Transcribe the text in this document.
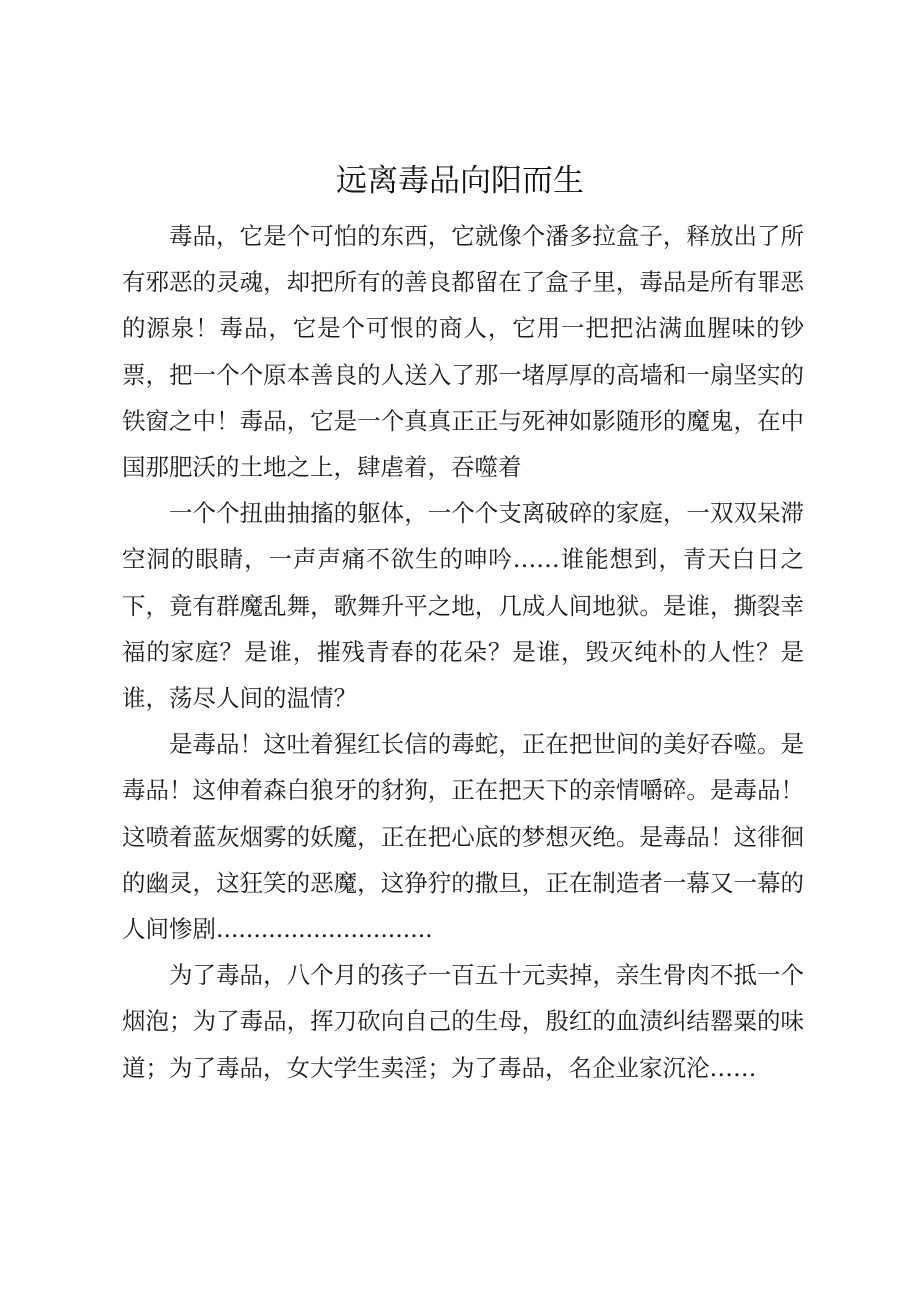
远离毒品向阳而生

毒品，它是个可怕的东西，它就像个潘多拉盒子，释放出了所有邪恶的灵魂，却把所有的善良都留在了盒子里，毒品是所有罪恶的源泉！毒品，它是个可恨的商人，它用一把把沾满血腥味的钞票，把一个个原本善良的人送入了那一堵厚厚的高墙和一扇坚实的铁窗之中！毒品，它是一个真真正正与死神如影随形的魔鬼，在中国那肥沃的土地之上，肆虐着，吞噬着

一个个扭曲抽搐的躯体，一个个支离破碎的家庭，一双双呆滞空洞的眼睛，一声声痛不欲生的呻吟……谁能想到，青天白日之下，竟有群魔乱舞，歌舞升平之地，几成人间地狱。是谁，撕裂幸福的家庭？是谁，摧残青春的花朵？是谁，毁灭纯朴的人性？是谁，荡尽人间的温情？

是毒品！这吐着猩红长信的毒蛇，正在把世间的美好吞噬。是毒品！这伸着森白狼牙的豺狗，正在把天下的亲情嚼碎。是毒品！这喷着蓝灰烟雾的妖魔，正在把心底的梦想灭绝。是毒品！这徘徊的幽灵，这狂笑的恶魔，这狰狞的撒旦，正在制造者一幕又一幕的人间惨剧.............................

为了毒品，八个月的孩子一百五十元卖掉，亲生骨肉不抵一个烟泡；为了毒品，挥刀砍向自己的生母，殷红的血渍纠结罂粟的味道；为了毒品，女大学生卖淫；为了毒品，名企业家沉沦……
